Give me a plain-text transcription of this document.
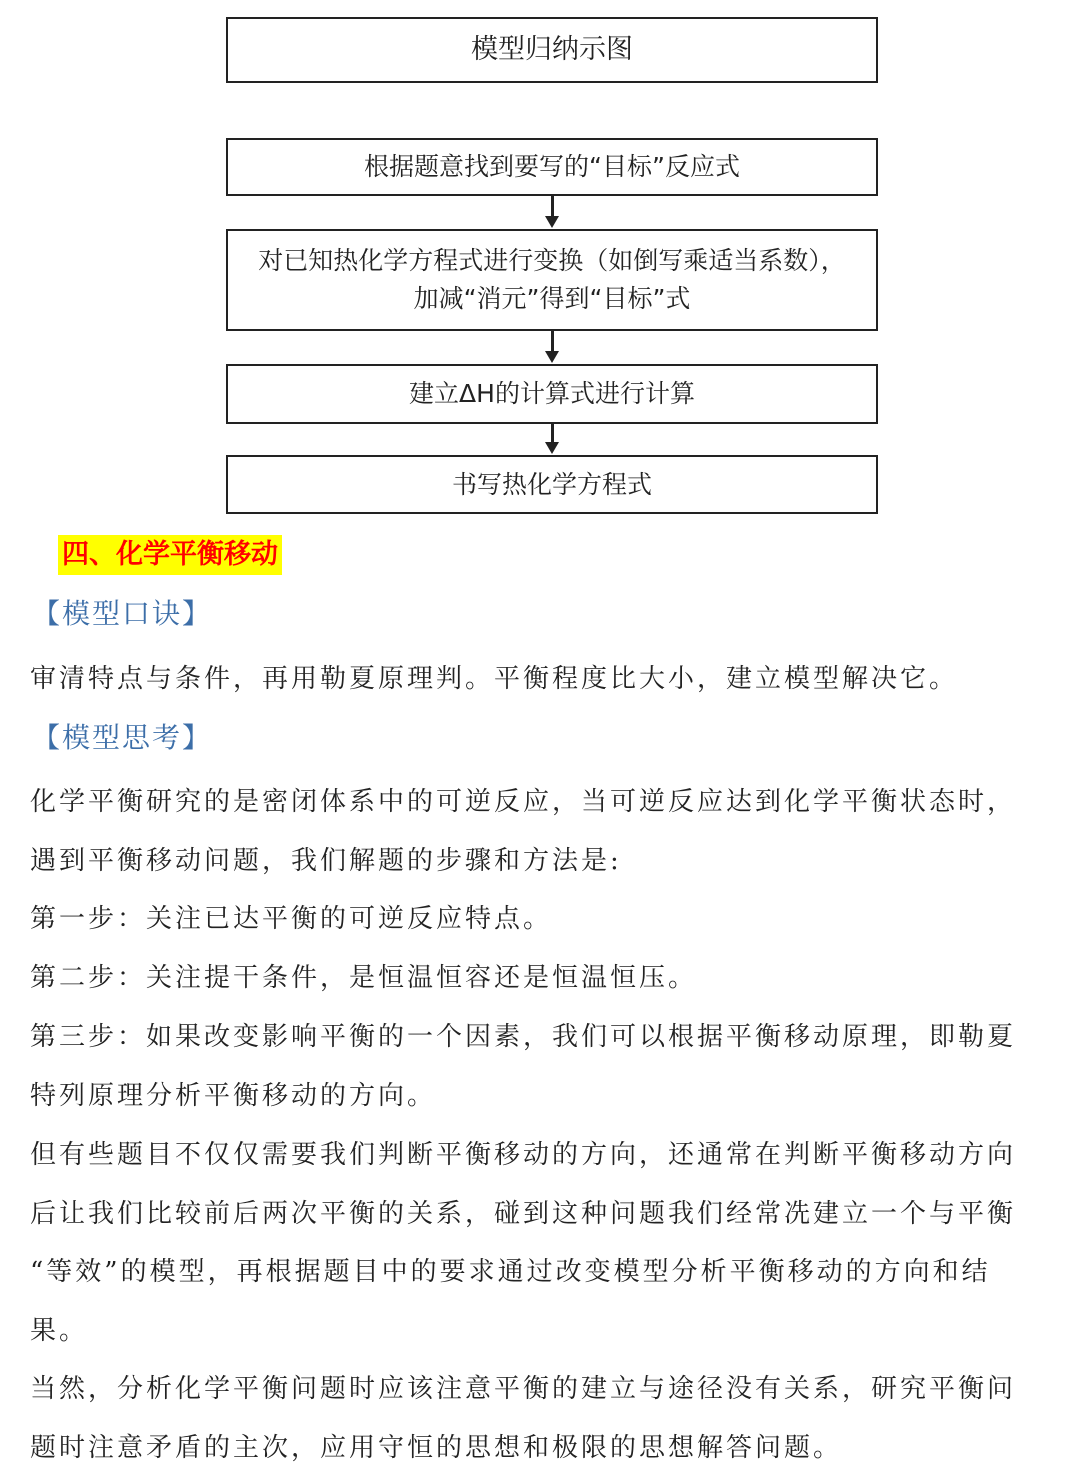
模型归纳示图
根据题意找到要写的“目标”反应式
对已知热化学方程式进行变换（如倒写乘适当系数），
加减“消元”得到“目标”式
建立ΔH的计算式进行计算
书写热化学方程式
四、化学平衡移动
【模型口诀】

审清特点与条件，再用勒夏原理判。平衡程度比大小，建立模型解决它。

【模型思考】

化学平衡研究的是密闭体系中的可逆反应，当可逆反应达到化学平衡状态时，
遇到平衡移动问题，我们解题的步骤和方法是:

第一步：关注已达平衡的可逆反应特点。

第二步：关注提干条件，是恒温恒容还是恒温恒压。

第三步：如果改变影响平衡的一个因素，我们可以根据平衡移动原理，即勒夏
特列原理分析平衡移动的方向。

但有些题目不仅仅需要我们判断平衡移动的方向，还通常在判断平衡移动方向
后让我们比较前后两次平衡的关系，碰到这种问题我们经常冼建立一个与平衡
“等效”的模型，再根据题目中的要求通过改变模型分析平衡移动的方向和结
果。

当然，分析化学平衡问题时应该注意平衡的建立与途径没有关系，研究平衡问
题时注意矛盾的主次，应用守恒的思想和极限的思想解答问题。
